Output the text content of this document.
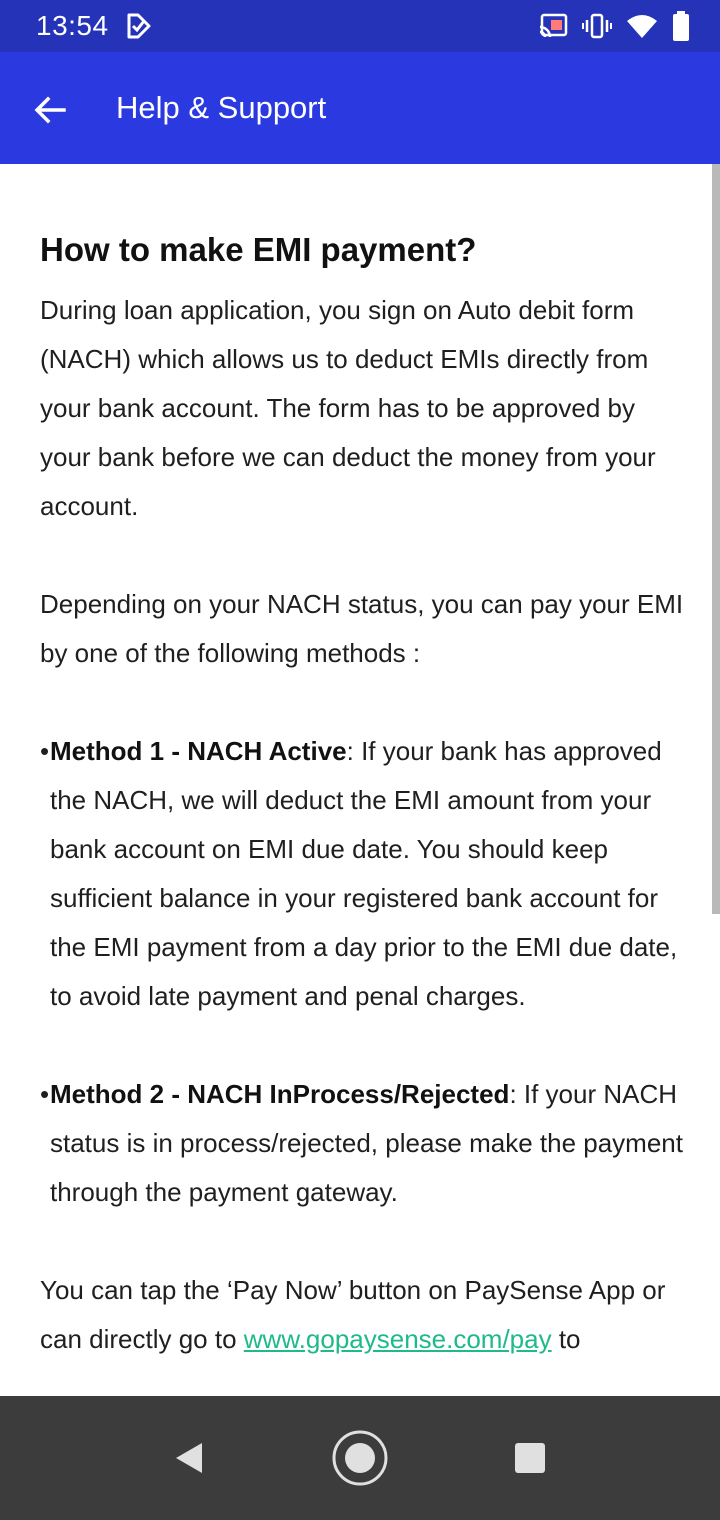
13:54
Help & Support
How to make EMI payment?

During loan application, you sign on Auto debit form (NACH) which allows us to deduct EMIs directly from your bank account. The form has to be approved by your bank before we can deduct the money from your account.

Depending on your NACH status, you can pay your EMI by one of the following methods :

• Method 1 - NACH Active: If your bank has approved the NACH, we will deduct the EMI amount from your bank account on EMI due date. You should keep sufficient balance in your registered bank account for the EMI payment from a day prior to the EMI due date, to avoid late payment and penal charges.
• Method 2 - NACH InProcess/Rejected: If your NACH status is in process/rejected, please make the payment through the payment gateway.

You can tap the ‘Pay Now’ button on PaySense App or can directly go to www.gopaysense.com/pay to
